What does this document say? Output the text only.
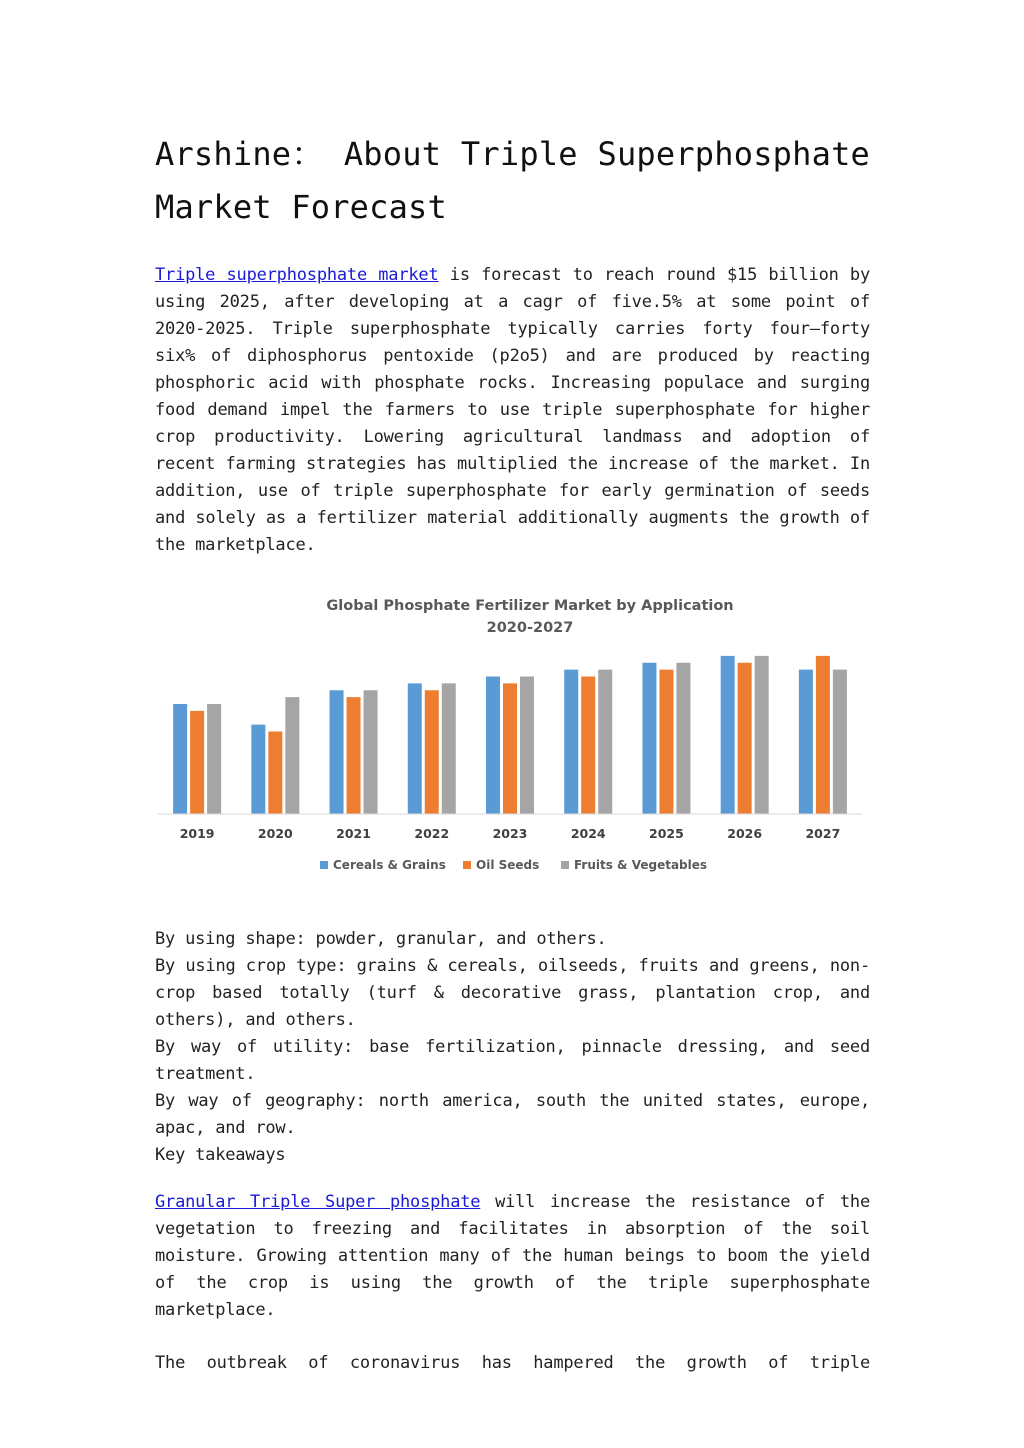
Arshine： About Triple Superphosphate Market Forecast

Triple superphosphate market is forecast to reach round $15 billion by using 2025, after developing at a cagr of five.5% at some point of 2020-2025. Triple superphosphate typically carries forty four–forty six% of diphosphorus pentoxide (p2o5) and are produced by reacting phosphoric acid with phosphate rocks. Increasing populace and surging food demand impel the farmers to use triple superphosphate for higher crop productivity. Lowering agricultural landmass and adoption of recent farming strategies has multiplied the increase of the market. In addition, use of triple superphosphate for early germination of seeds and solely as a fertilizer material additionally augments the growth of the marketplace.

Global Phosphate Fertilizer Market by Application
2020-2027
2019	2020	2021	2022	2023	2024	2025	2026	2027
Cereals & Grains	Oil Seeds	Fruits & Vegetables

By using shape: powder, granular, and others.

By using crop type: grains & cereals, oilseeds, fruits and greens, non-crop based totally (turf & decorative grass, plantation crop, and others), and others.

By way of utility: base fertilization, pinnacle dressing, and seed treatment.

By way of geography: north america, south the united states, europe, apac, and row.

Key takeaways

Granular Triple Super phosphate will increase the resistance of the vegetation to freezing and facilitates in absorption of the soil moisture. Growing attention many of the human beings to boom the yield of the crop is using the growth of the triple superphosphate marketplace.

The outbreak of coronavirus has hampered the growth of triple
